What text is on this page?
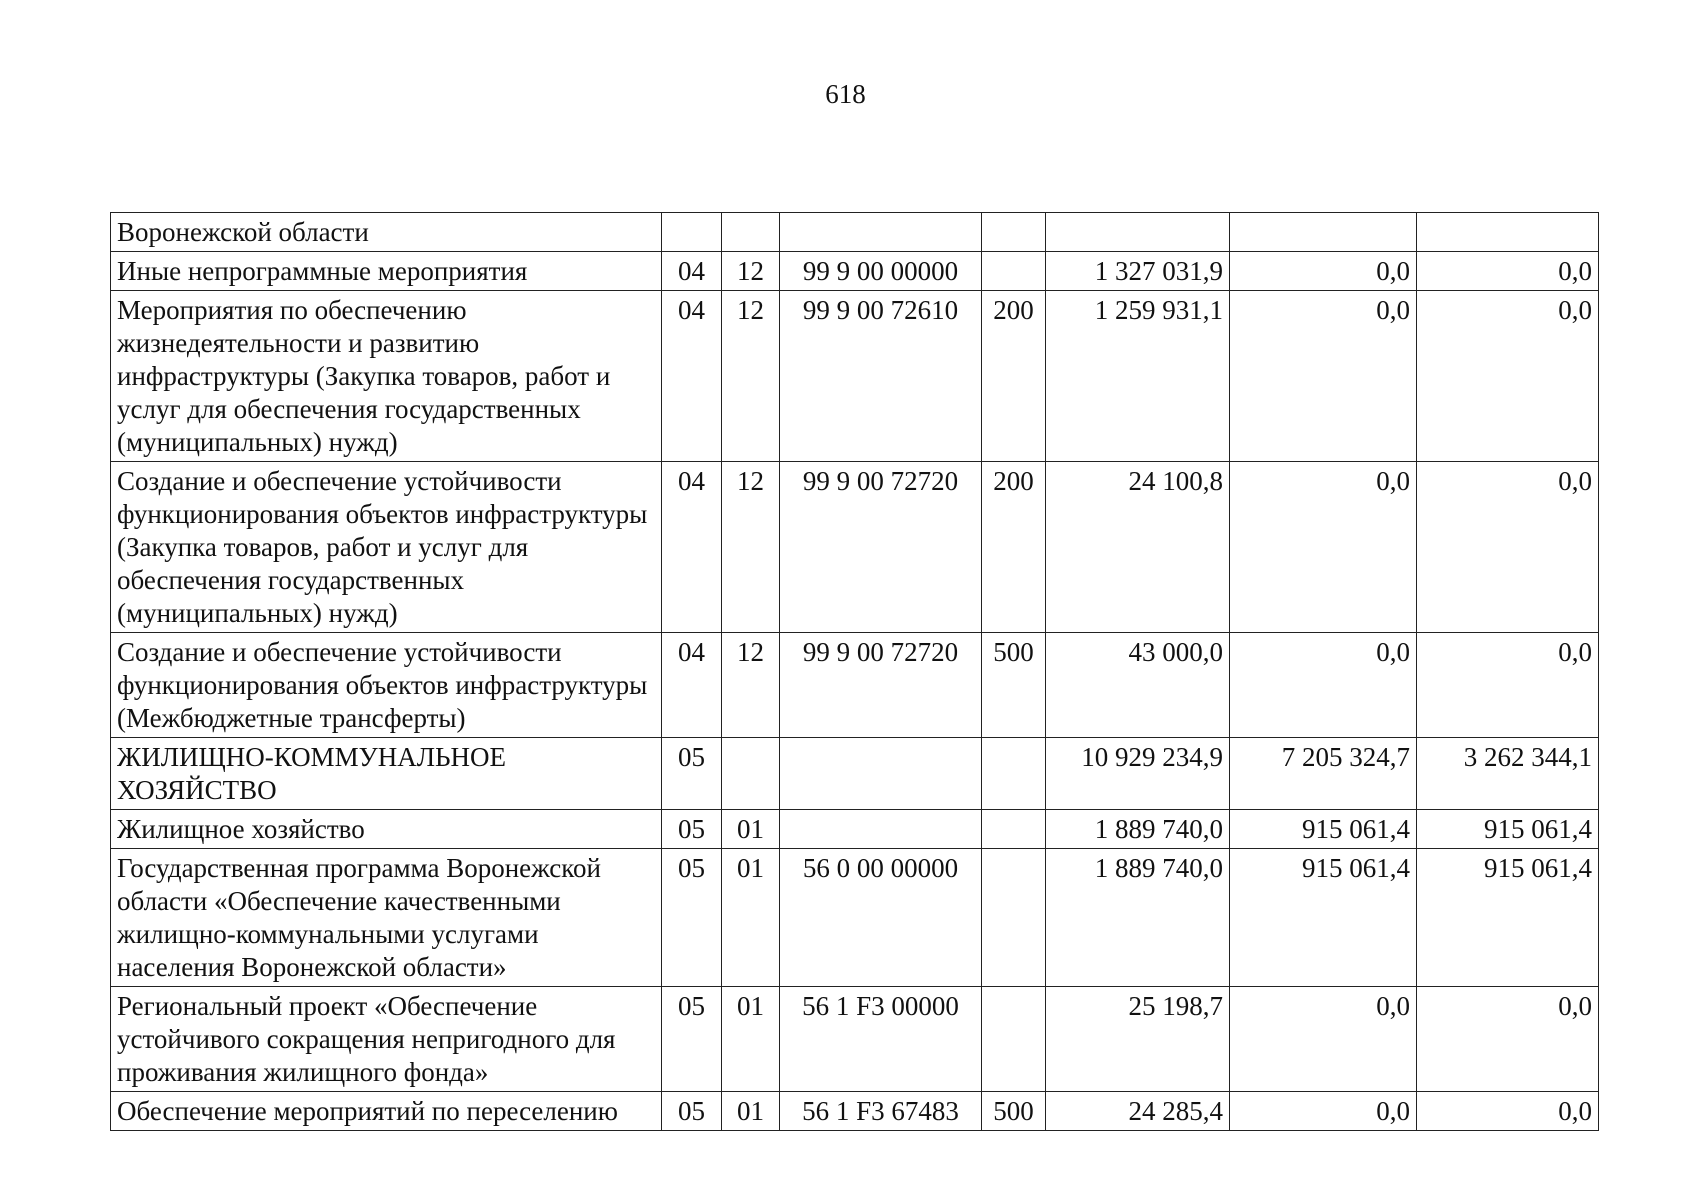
618
Воронежской области							
Иные непрограммные мероприятия	04	12	99 9 00 00000		1 327 031,9	0,0	0,0
Мероприятия по обеспечению жизнедеятельности и развитию инфраструктуры (Закупка товаров, работ и услуг для обеспечения государственных (муниципальных) нужд)	04	12	99 9 00 72610	200	1 259 931,1	0,0	0,0
Создание и обеспечение устойчивости функционирования объектов инфраструктуры (Закупка товаров, работ и услуг для обеспечения государственных (муниципальных) нужд)	04	12	99 9 00 72720	200	24 100,8	0,0	0,0
Создание и обеспечение устойчивости функционирования объектов инфраструктуры (Межбюджетные трансферты)	04	12	99 9 00 72720	500	43 000,0	0,0	0,0
ЖИЛИЩНО-КОММУНАЛЬНОЕ ХОЗЯЙСТВО	05				10 929 234,9	7 205 324,7	3 262 344,1
Жилищное хозяйство	05	01			1 889 740,0	915 061,4	915 061,4
Государственная программа Воронежской области «Обеспечение качественными жилищно-коммунальными услугами населения Воронежской области»	05	01	56 0 00 00000		1 889 740,0	915 061,4	915 061,4
Региональный проект «Обеспечение устойчивого сокращения непригодного для проживания жилищного фонда»	05	01	56 1 F3 00000		25 198,7	0,0	0,0
Обеспечение мероприятий по переселению	05	01	56 1 F3 67483	500	24 285,4	0,0	0,0
